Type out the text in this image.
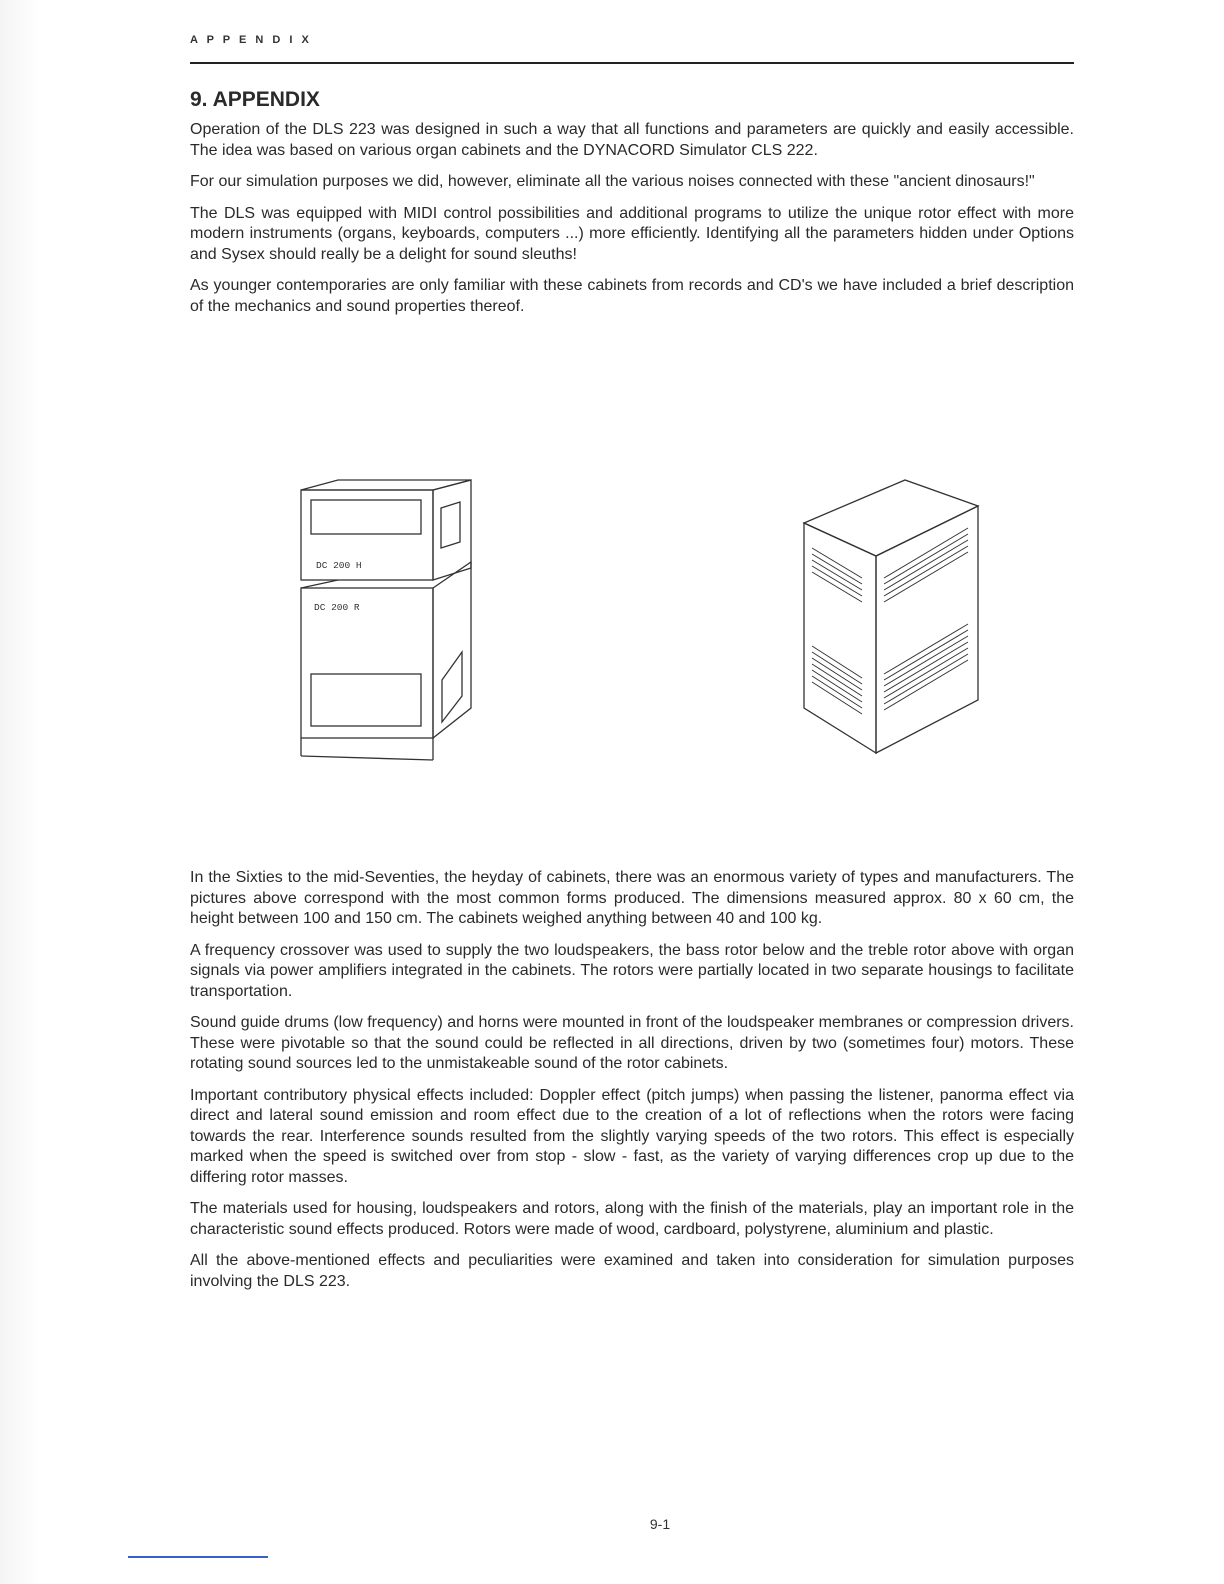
A P P E N D I X
9. APPENDIX

Operation of the DLS 223 was designed in such a way that all functions and parameters are quickly and easily accessible. The idea was based on various organ cabinets and the DYNACORD Simulator CLS 222.

For our simulation purposes we did, however, eliminate all the various noises connected with these "ancient dinosaurs!"

The DLS was equipped with MIDI control possibilities and additional programs to utilize the unique rotor effect with more modern instruments (organs, keyboards, computers ...) more efficiently. Identifying all the parameters hidden under Options and Sysex should really be a delight for sound sleuths!

As younger contemporaries are only familiar with these cabinets from records and CD's we have included a brief description of the mechanics and sound properties thereof.

DC 200 H
DC 200 R

In the Sixties to the mid-Seventies, the heyday of cabinets, there was an enormous variety of types and manufacturers. The pictures above correspond with the most common forms produced. The dimensions measured approx. 80 x 60 cm, the height between 100 and 150 cm. The cabinets weighed anything between 40 and 100 kg.

A frequency crossover was used to supply the two loudspeakers, the bass rotor below and the treble rotor above with organ signals via power amplifiers integrated in the cabinets. The rotors were partially located in two separate housings to facilitate transportation.

Sound guide drums (low frequency) and horns were mounted in front of the loudspeaker membranes or compression drivers. These were pivotable so that the sound could be reflected in all directions, driven by two (sometimes four) motors. These rotating sound sources led to the unmistakeable sound of the rotor cabinets.

Important contributory physical effects included: Doppler effect (pitch jumps) when passing the listener, panorma effect via direct and lateral sound emission and room effect due to the creation of a lot of reflections when the rotors were facing towards the rear. Interference sounds resulted from the slightly varying speeds of the two rotors. This effect is especially marked when the speed is switched over from stop - slow - fast, as the variety of varying differences crop up due to the differing rotor masses.

The materials used for housing, loudspeakers and rotors, along with the finish of the materials, play an important role in the characteristic sound effects produced. Rotors were made of wood, cardboard, polystyrene, aluminium and plastic.

All the above-mentioned effects and peculiarities were examined and taken into consideration for simulation purposes involving the DLS 223.

9-1
